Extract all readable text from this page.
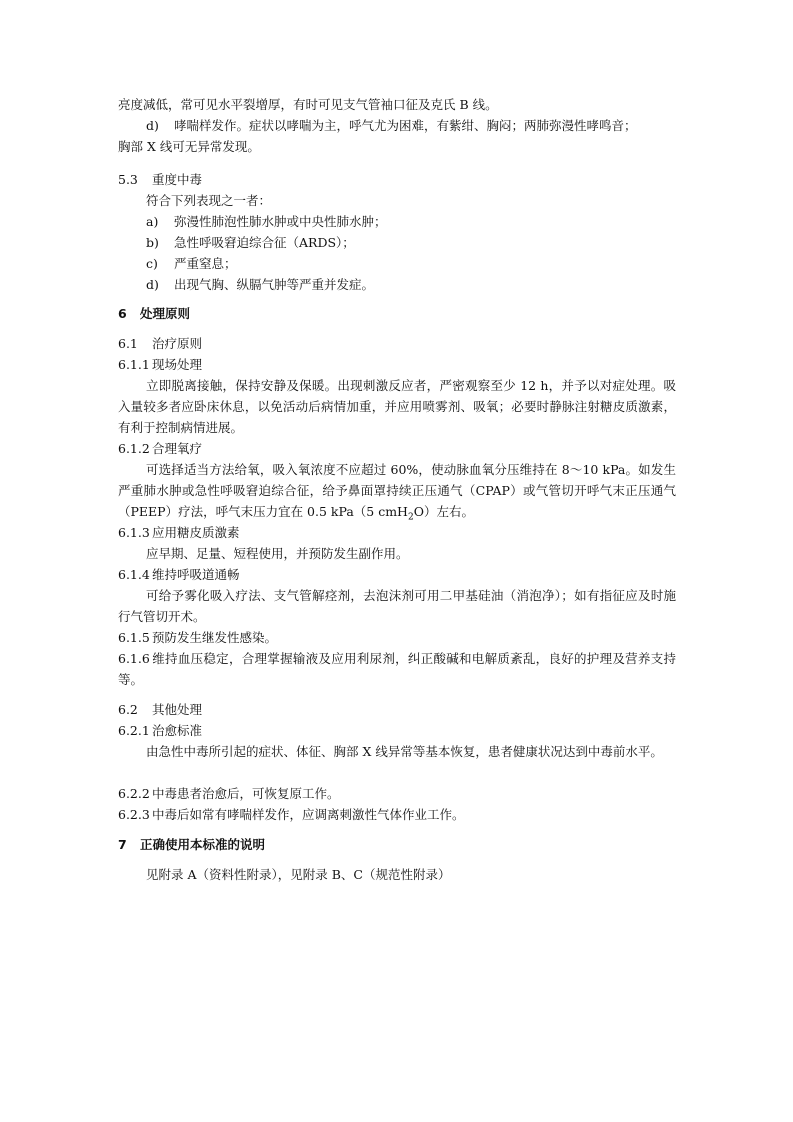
亮度减低，常可见水平裂增厚，有时可见支气管袖口征及克氏 B 线。
d) 哮喘样发作。症状以哮喘为主，呼气尤为困难，有紫绀、胸闷；两肺弥漫性哮鸣音；
胸部 X 线可无异常发现。
5.3 重度中毒
符合下列表现之一者：
a) 弥漫性肺泡性肺水肿或中央性肺水肿；
b) 急性呼吸窘迫综合征（ARDS）；
c) 严重窒息；
d) 出现气胸、纵膈气肿等严重并发症。
6 处理原则
6.1 治疗原则
6.1.1 现场处理

立即脱离接触，保持安静及保暖。出现刺激反应者，严密观察至少 12 h，并予以对症处理。吸入量较多者应卧床休息，以免活动后病情加重，并应用喷雾剂、吸氧；必要时静脉注射糖皮质激素，有利于控制病情进展。

6.1.2 合理氧疗

可选择适当方法给氧，吸入氧浓度不应超过 60%，使动脉血氧分压维持在 8～10 kPa。如发生严重肺水肿或急性呼吸窘迫综合征，给予鼻面罩持续正压通气（CPAP）或气管切开呼气末正压通气（PEEP）疗法，呼气末压力宜在 0.5 kPa（5 cmH$_2$O）左右。

6.1.3 应用糖皮质激素

应早期、足量、短程使用，并预防发生副作用。

6.1.4 维持呼吸道通畅

可给予雾化吸入疗法、支气管解痉剂，去泡沫剂可用二甲基硅油（消泡净）；如有指征应及时施行气管切开术。

6.1.5 预防发生继发性感染。

6.1.6 维持血压稳定，合理掌握输液及应用利尿剂，纠正酸碱和电解质紊乱，良好的护理及营养支持等。

6.2 其他处理
6.2.1 治愈标准

由急性中毒所引起的症状、体征、胸部 X 线异常等基本恢复，患者健康状况达到中毒前水平。

6.2.2 中毒患者治愈后，可恢复原工作。
6.2.3 中毒后如常有哮喘样发作，应调离刺激性气体作业工作。
7 正确使用本标准的说明
见附录 A（资料性附录），见附录 B、C（规范性附录）
